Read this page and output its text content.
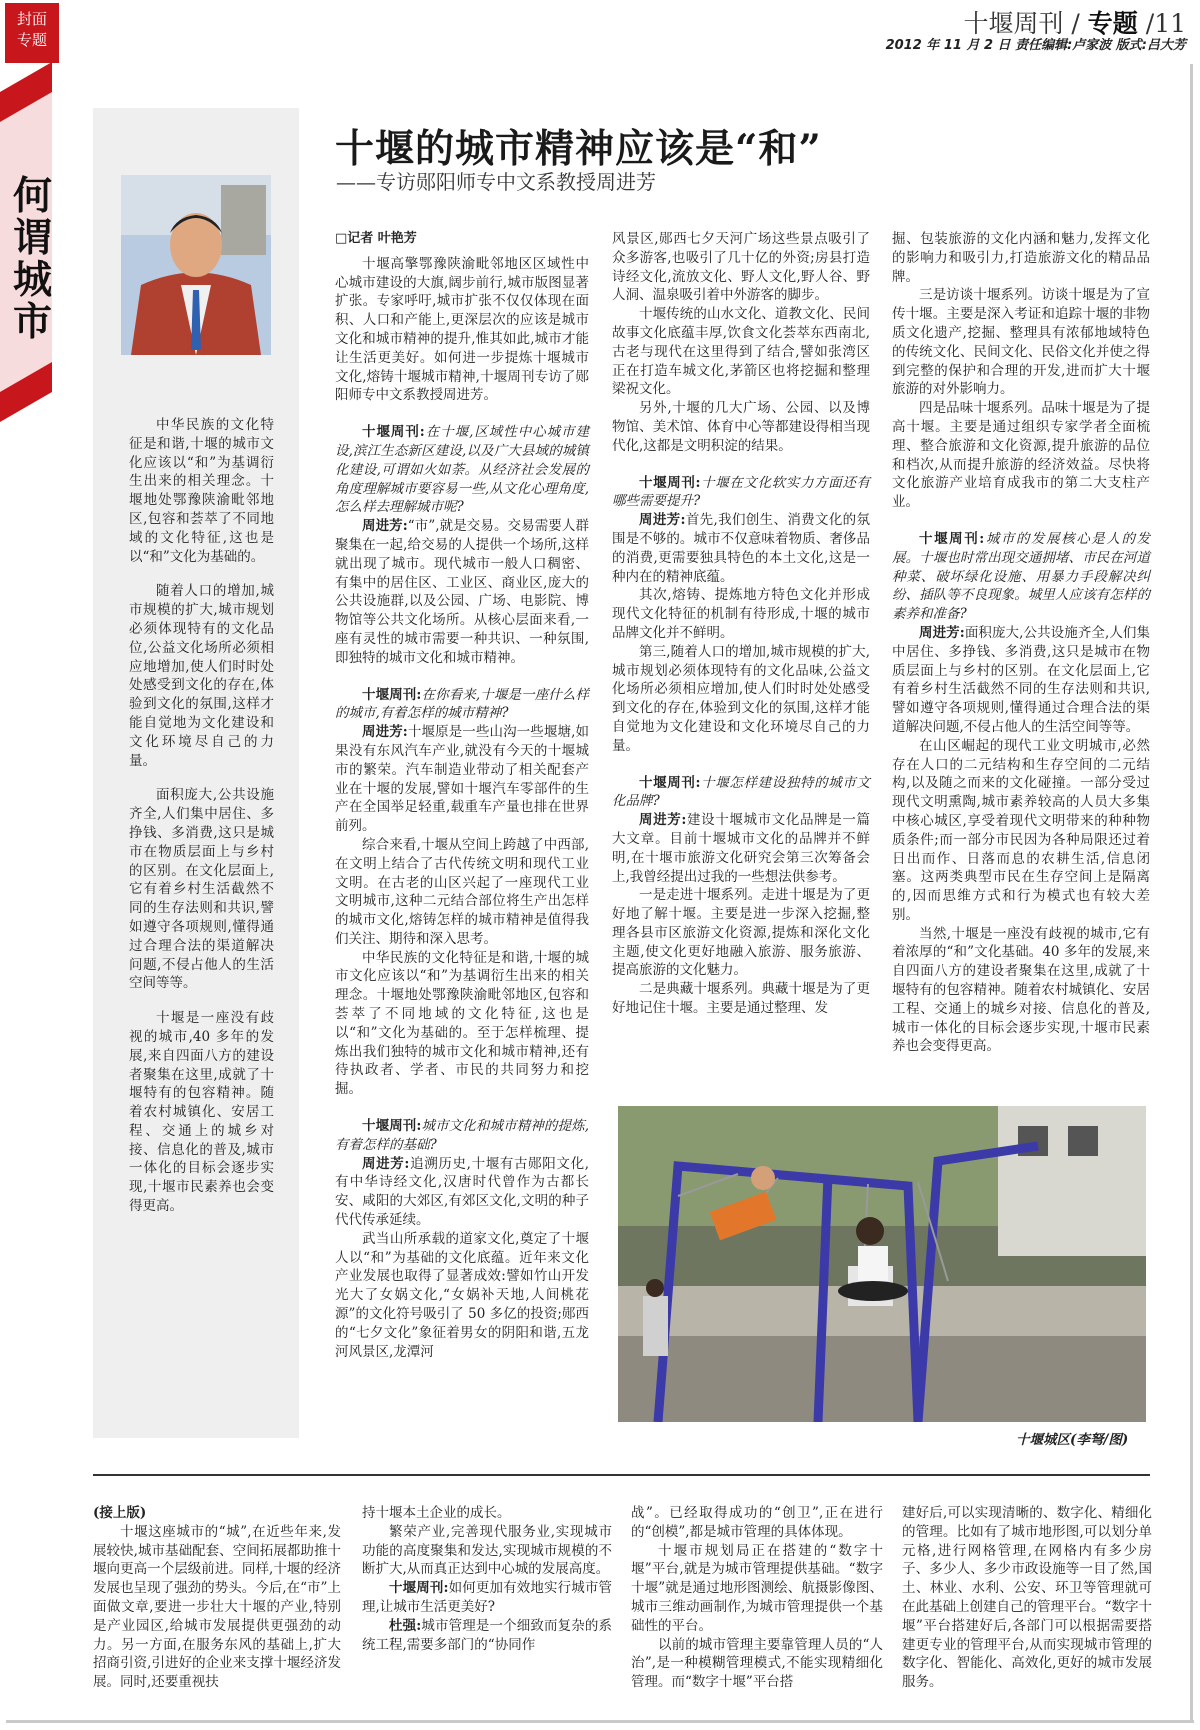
封面
专题
十堰周刊 / 专题 /11
2012 年 11 月 2 日 责任编辑:卢家波 版式:吕大芳
何谓城市

中华民族的文化特征是和谐,十堰的城市文化应该以“和”为基调衍生出来的相关理念。十堰地处鄂豫陕渝毗邻地区,包容和荟萃了不同地域的文化特征,这也是以“和”文化为基础的。

随着人口的增加,城市规模的扩大,城市规划必须体现特有的文化品位,公益文化场所必须相应地增加,使人们时时处处感受到文化的存在,体验到文化的氛围,这样才能自觉地为文化建设和文化环境尽自己的力量。

面积庞大,公共设施齐全,人们集中居住、多挣钱、多消费,这只是城市在物质层面上与乡村的区别。在文化层面上,它有着乡村生活截然不同的生存法则和共识,譬如遵守各项规则,懂得通过合理合法的渠道解决问题,不侵占他人的生活空间等等。

十堰是一座没有歧视的城市,40 多年的发展,来自四面八方的建设者聚集在这里,成就了十堰特有的包容精神。随着农村城镇化、安居工程、交通上的城乡对接、信息化的普及,城市一体化的目标会逐步实现,十堰市民素养也会变得更高。

十堰的城市精神应该是“和”
——专访郧阳师专中文系教授周进芳
□记者 叶艳芳

十堰高擎鄂豫陕渝毗邻地区区域性中心城市建设的大旗,阔步前行,城市版图显著扩张。专家呼吁,城市扩张不仅仅体现在面积、人口和产能上,更深层次的应该是城市文化和城市精神的提升,惟其如此,城市才能让生活更美好。如何进一步提炼十堰城市文化,熔铸十堰城市精神,十堰周刊专访了郧阳师专中文系教授周进芳。

十堰周刊:在十堰,区域性中心城市建设,滨江生态新区建设,以及广大县域的城镇化建设,可谓如火如荼。从经济社会发展的角度理解城市要容易一些,从文化心理角度,怎么样去理解城市呢?

周进芳:“市”,就是交易。交易需要人群聚集在一起,给交易的人提供一个场所,这样就出现了城市。现代城市一般人口稠密、有集中的居住区、工业区、商业区,庞大的公共设施群,以及公园、广场、电影院、博物馆等公共文化场所。从核心层面来看,一座有灵性的城市需要一种共识、一种氛围,即独特的城市文化和城市精神。

十堰周刊:在你看来,十堰是一座什么样的城市,有着怎样的城市精神?

周进芳:十堰原是一些山沟一些堰塘,如果没有东风汽车产业,就没有今天的十堰城市的繁荣。汽车制造业带动了相关配套产业在十堰的发展,譬如十堰汽车零部件的生产在全国举足轻重,载重车产量也排在世界前列。

综合来看,十堰从空间上跨越了中西部,在文明上结合了古代传统文明和现代工业文明。在古老的山区兴起了一座现代工业文明城市,这种二元结合部位将生产出怎样的城市文化,熔铸怎样的城市精神是值得我们关注、期待和深入思考。

中华民族的文化特征是和谐,十堰的城市文化应该以“和”为基调衍生出来的相关理念。十堰地处鄂豫陕渝毗邻地区,包容和荟萃了不同地域的文化特征,这也是以“和”文化为基础的。至于怎样梳理、提炼出我们独特的城市文化和城市精神,还有待执政者、学者、市民的共同努力和挖掘。

十堰周刊:城市文化和城市精神的提炼,有着怎样的基础?

周进芳:追溯历史,十堰有古郧阳文化,有中华诗经文化,汉唐时代曾作为古都长安、咸阳的大郊区,有郊区文化,文明的种子代代传承延续。

武当山所承载的道家文化,奠定了十堰人以“和”为基础的文化底蕴。近年来文化产业发展也取得了显著成效:譬如竹山开发光大了女娲文化,“女娲补天地,人间桃花源”的文化符号吸引了 50 多亿的投资;郧西的“七夕文化”象征着男女的阴阳和谐,五龙河风景区,龙潭河

风景区,郧西七夕天河广场这些景点吸引了众多游客,也吸引了几十亿的外资;房县打造诗经文化,流放文化、野人文化,野人谷、野人洞、温泉吸引着中外游客的脚步。

十堰传统的山水文化、道教文化、民间故事文化底蕴丰厚,饮食文化荟萃东西南北,古老与现代在这里得到了结合,譬如张湾区正在打造车城文化,茅箭区也将挖掘和整理梁祝文化。

另外,十堰的几大广场、公园、以及博物馆、美术馆、体育中心等都建设得相当现代化,这都是文明积淀的结果。

十堰周刊:十堰在文化软实力方面还有哪些需要提升?

周进芳:首先,我们创生、消费文化的氛围是不够的。城市不仅意味着物质、奢侈品的消费,更需要独具特色的本土文化,这是一种内在的精神底蕴。

其次,熔铸、提炼地方特色文化并形成现代文化特征的机制有待形成,十堰的城市品牌文化并不鲜明。

第三,随着人口的增加,城市规模的扩大,城市规划必须体现特有的文化品味,公益文化场所必须相应增加,使人们时时处处感受到文化的存在,体验到文化的氛围,这样才能自觉地为文化建设和文化环境尽自己的力量。

十堰周刊:十堰怎样建设独特的城市文化品牌?

周进芳:建设十堰城市文化品牌是一篇大文章。目前十堰城市文化的品牌并不鲜明,在十堰市旅游文化研究会第三次筹备会上,我曾经提出过我的一些想法供参考。

一是走进十堰系列。走进十堰是为了更好地了解十堰。主要是进一步深入挖掘,整理各县市区旅游文化资源,提炼和深化文化主题,使文化更好地融入旅游、服务旅游、提高旅游的文化魅力。

二是典藏十堰系列。典藏十堰是为了更好地记住十堰。主要是通过整理、发

掘、包装旅游的文化内涵和魅力,发挥文化的影响力和吸引力,打造旅游文化的精品品牌。

三是访谈十堰系列。访谈十堰是为了宣传十堰。主要是深入考证和追踪十堰的非物质文化遗产,挖掘、整理具有浓郁地域特色的传统文化、民间文化、民俗文化并使之得到完整的保护和合理的开发,进而扩大十堰旅游的对外影响力。

四是品味十堰系列。品味十堰是为了提高十堰。主要是通过组织专家学者全面梳理、整合旅游和文化资源,提升旅游的品位和档次,从而提升旅游的经济效益。尽快将文化旅游产业培育成我市的第二大支柱产业。

十堰周刊:城市的发展核心是人的发展。十堰也时常出现交通拥堵、市民在河道种菜、破坏绿化设施、用暴力手段解决纠纷、插队等不良现象。城里人应该有怎样的素养和准备?

周进芳:面积庞大,公共设施齐全,人们集中居住、多挣钱、多消费,这只是城市在物质层面上与乡村的区别。在文化层面上,它有着乡村生活截然不同的生存法则和共识,譬如遵守各项规则,懂得通过合理合法的渠道解决问题,不侵占他人的生活空间等等。

在山区崛起的现代工业文明城市,必然存在人口的二元结构和生存空间的二元结构,以及随之而来的文化碰撞。一部分受过现代文明熏陶,城市素养较高的人员大多集中核心城区,享受着现代文明带来的种种物质条件;而一部分市民因为各种局限还过着日出而作、日落而息的农耕生活,信息闭塞。这两类典型市民在生存空间上是隔离的,因而思维方式和行为模式也有较大差别。

当然,十堰是一座没有歧视的城市,它有着浓厚的“和”文化基础。40 多年的发展,来自四面八方的建设者聚集在这里,成就了十堰特有的包容精神。随着农村城镇化、安居工程、交通上的城乡对接、信息化的普及,城市一体化的目标会逐步实现,十堰市民素养也会变得更高。

十堰城区(李弩/图)

(接上版)

十堰这座城市的“城”,在近些年来,发展较快,城市基础配套、空间拓展都助推十堰向更高一个层级前进。同样,十堰的经济发展也呈现了强劲的势头。今后,在“市”上面做文章,要进一步壮大十堰的产业,特别是产业园区,给城市发展提供更强劲的动力。另一方面,在服务东风的基础上,扩大招商引资,引进好的企业来支撑十堰经济发展。同时,还要重视扶

持十堰本土企业的成长。

繁荣产业,完善现代服务业,实现城市功能的高度聚集和发达,实现城市规模的不断扩大,从而真正达到中心城的发展高度。

十堰周刊:如何更加有效地实行城市管理,让城市生活更美好?

杜强:城市管理是一个细致而复杂的系统工程,需要多部门的“协同作

战”。已经取得成功的“创卫”,正在进行的“创模”,都是城市管理的具体体现。

十堰市规划局正在搭建的“数字十堰”平台,就是为城市管理提供基础。“数字十堰”就是通过地形图测绘、航摄影像图、城市三维动画制作,为城市管理提供一个基础性的平台。

以前的城市管理主要靠管理人员的“人治”,是一种模糊管理模式,不能实现精细化管理。而“数字十堰”平台搭

建好后,可以实现清晰的、数字化、精细化的管理。比如有了城市地形图,可以划分单元格,进行网格管理,在网格内有多少房子、多少人、多少市政设施等一目了然,国土、林业、水利、公安、环卫等管理就可在此基础上创建自己的管理平台。“数字十堰”平台搭建好后,各部门可以根据需要搭建更专业的管理平台,从而实现城市管理的数字化、智能化、高效化,更好的城市发展服务。
